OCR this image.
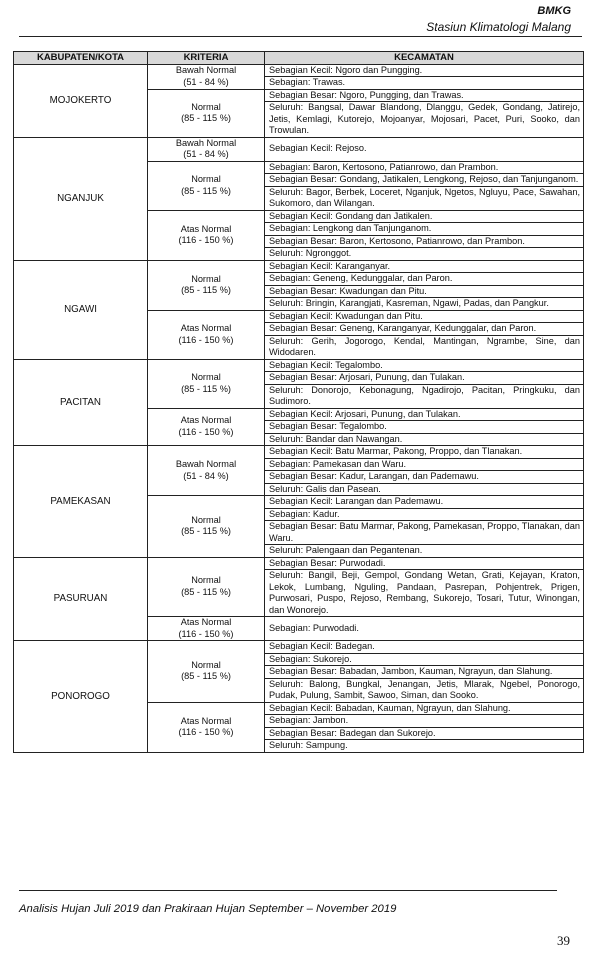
BMKG
Stasiun Klimatologi Malang
KABUPATEN/KOTA	KRITERIA	KECAMATAN
MOJOKERTO	Bawah Normal
(51 - 84 %)	Sebagian Kecil: Ngoro dan Pungging.
		Sebagian: Trawas.

	Normal
(85 - 115 %)	Sebagian Besar: Ngoro, Pungging, dan Trawas.
		Seluruh: Bangsal, Dawar Blandong, Dlanggu, Gedek, Gondang, Jatirejo, Jetis, Kemlagi, Kutorejo, Mojoanyar, Mojosari, Pacet, Puri, Sooko, dan Trowulan.
NGANJUK	Bawah Normal
(51 - 84 %)	Sebagian Kecil: Rejoso.

	Normal
(85 - 115 %)	Sebagian: Baron, Kertosono, Patianrowo, dan Prambon.
		Sebagian Besar: Gondang, Jatikalen, Lengkong, Rejoso, dan Tanjunganom.
		Seluruh: Bagor, Berbek, Loceret, Nganjuk, Ngetos, Ngluyu, Pace, Sawahan, Sukomoro, dan Wilangan.

	Atas Normal
(116 - 150 %)	Sebagian Kecil: Gondang dan Jatikalen.
		Sebagian: Lengkong dan Tanjunganom.
		Sebagian Besar: Baron, Kertosono, Patianrowo, dan Prambon.
		Seluruh: Ngronggot.
NGAWI	Normal
(85 - 115 %)	Sebagian Kecil: Karanganyar.
		Sebagian: Geneng, Kedunggalar, dan Paron.
		Sebagian Besar: Kwadungan dan Pitu.
		Seluruh: Bringin, Karangjati, Kasreman, Ngawi, Padas, dan Pangkur.

	Atas Normal
(116 - 150 %)	Sebagian Kecil: Kwadungan dan Pitu.
		Sebagian Besar: Geneng, Karanganyar, Kedunggalar, dan Paron.
		Seluruh: Gerih, Jogorogo, Kendal, Mantingan, Ngrambe, Sine, dan Widodaren.
PACITAN	Normal
(85 - 115 %)	Sebagian Kecil: Tegalombo.
		Sebagian Besar: Arjosari, Punung, dan Tulakan.
		Seluruh: Donorojo, Kebonagung, Ngadirojo, Pacitan, Pringkuku, dan Sudimoro.

	Atas Normal
(116 - 150 %)	Sebagian Kecil: Arjosari, Punung, dan Tulakan.
		Sebagian Besar: Tegalombo.
		Seluruh: Bandar dan Nawangan.
PAMEKASAN	Bawah Normal
(51 - 84 %)	Sebagian Kecil: Batu Marmar, Pakong, Proppo, dan Tlanakan.
		Sebagian: Pamekasan dan Waru.
		Sebagian Besar: Kadur, Larangan, dan Pademawu.
		Seluruh: Galis dan Pasean.

	Normal
(85 - 115 %)	Sebagian Kecil: Larangan dan Pademawu.
		Sebagian: Kadur.
		Sebagian Besar: Batu Marmar, Pakong, Pamekasan, Proppo, Tlanakan, dan Waru.
		Seluruh: Palengaan dan Pegantenan.
PASURUAN	Normal
(85 - 115 %)	Sebagian Besar: Purwodadi.
		Seluruh: Bangil, Beji, Gempol, Gondang Wetan, Grati, Kejayan, Kraton, Lekok, Lumbang, Nguling, Pandaan, Pasrepan, Pohjentrek, Prigen, Purwosari, Puspo, Rejoso, Rembang, Sukorejo, Tosari, Tutur, Winongan, dan Wonorejo.

	Atas Normal
(116 - 150 %)	Sebagian: Purwodadi.
PONOROGO	Normal
(85 - 115 %)	Sebagian Kecil: Badegan.
		Sebagian: Sukorejo.
		Sebagian Besar: Babadan, Jambon, Kauman, Ngrayun, dan Slahung.
		Seluruh: Balong, Bungkal, Jenangan, Jetis, Mlarak, Ngebel, Ponorogo, Pudak, Pulung, Sambit, Sawoo, Siman, dan Sooko.

	Atas Normal
(116 - 150 %)	Sebagian Kecil: Babadan, Kauman, Ngrayun, dan Slahung.
		Sebagian: Jambon.
		Sebagian Besar: Badegan dan Sukorejo.
		Seluruh: Sampung.
Analisis Hujan Juli 2019 dan Prakiraan Hujan September – November 2019
39
